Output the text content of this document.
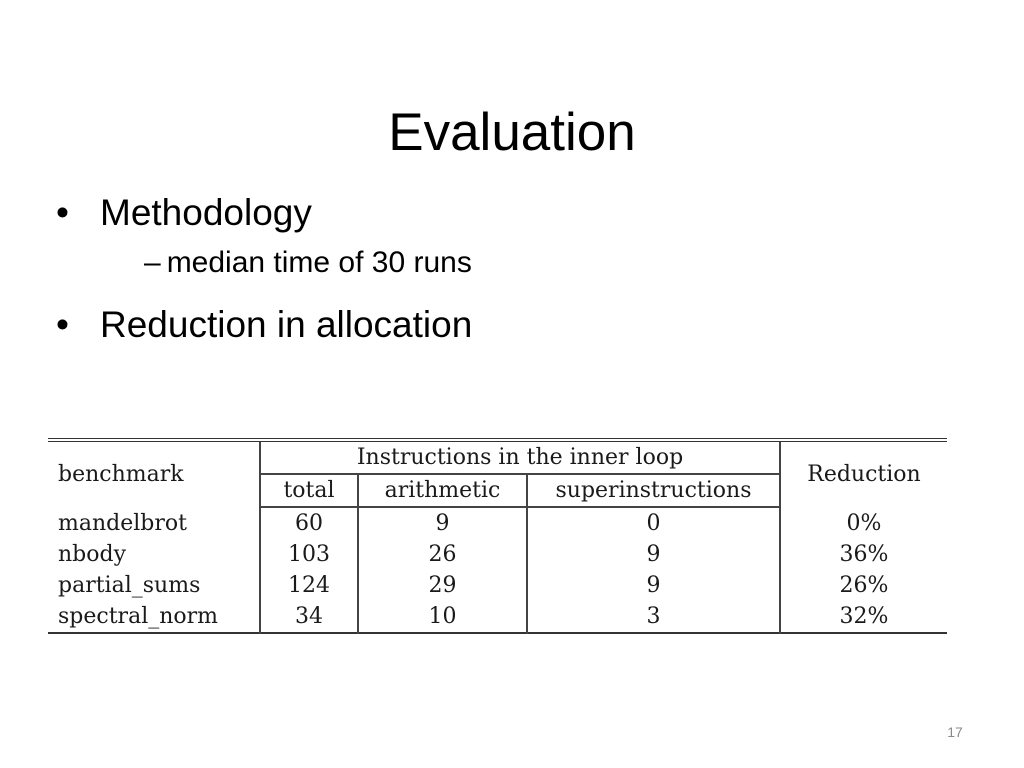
Evaluation
• Methodology
– median time of 30 runs
• Reduction in allocation
benchmark	Instructions in the inner loop			Reduction
	total	arithmetic	superinstructions	
mandelbrot	60	9	0	0%
nbody	103	26	9	36%
partial_sums	124	29	9	26%
spectral_norm	34	10	3	32%
17
